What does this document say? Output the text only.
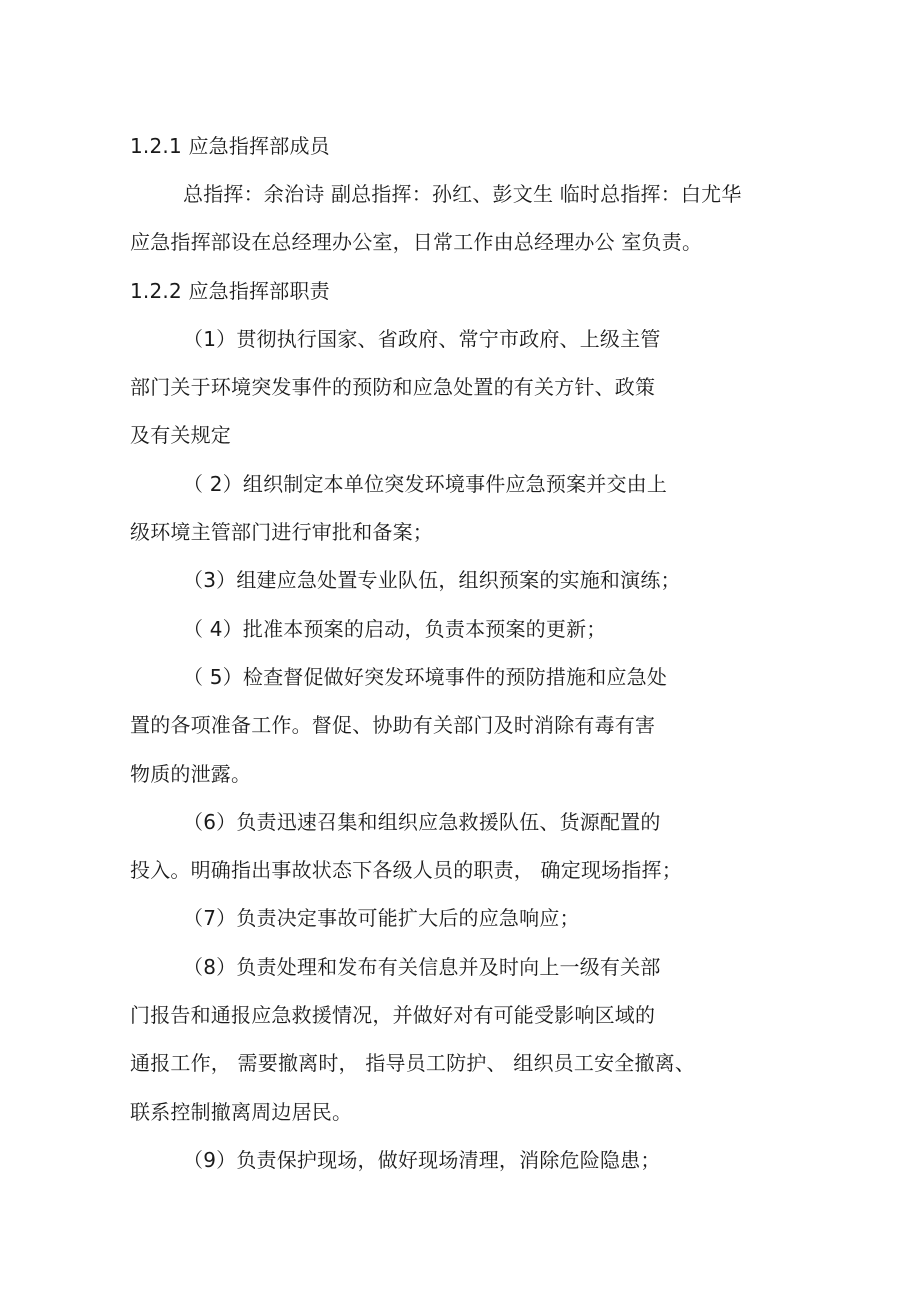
1.2.1 应急指挥部成员
总指挥：余治诗 副总指挥：孙红、彭文生 临时总指挥：白尤华
应急指挥部设在总经理办公室，日常工作由总经理办公 室负责。
1.2.2 应急指挥部职责
（1）贯彻执行国家、省政府、常宁市政府、上级主管
部门关于环境突发事件的预防和应急处置的有关方针、政策
及有关规定
（ 2）组织制定本单位突发环境事件应急预案并交由上
级环境主管部门进行审批和备案；
（3）组建应急处置专业队伍，组织预案的实施和演练；
（ 4）批准本预案的启动，负责本预案的更新；
（ 5）检查督促做好突发环境事件的预防措施和应急处
置的各项准备工作。督促、协助有关部门及时消除有毒有害
物质的泄露。
（6）负责迅速召集和组织应急救援队伍、货源配置的
投入。明确指出事故状态下各级人员的职责， 确定现场指挥；
（7）负责决定事故可能扩大后的应急响应；
（8）负责处理和发布有关信息并及时向上一级有关部
门报告和通报应急救援情况，并做好对有可能受影响区域的
通报工作， 需要撤离时， 指导员工防护、 组织员工安全撤离、
联系控制撤离周边居民。
（9）负责保护现场，做好现场清理，消除危险隐患；
